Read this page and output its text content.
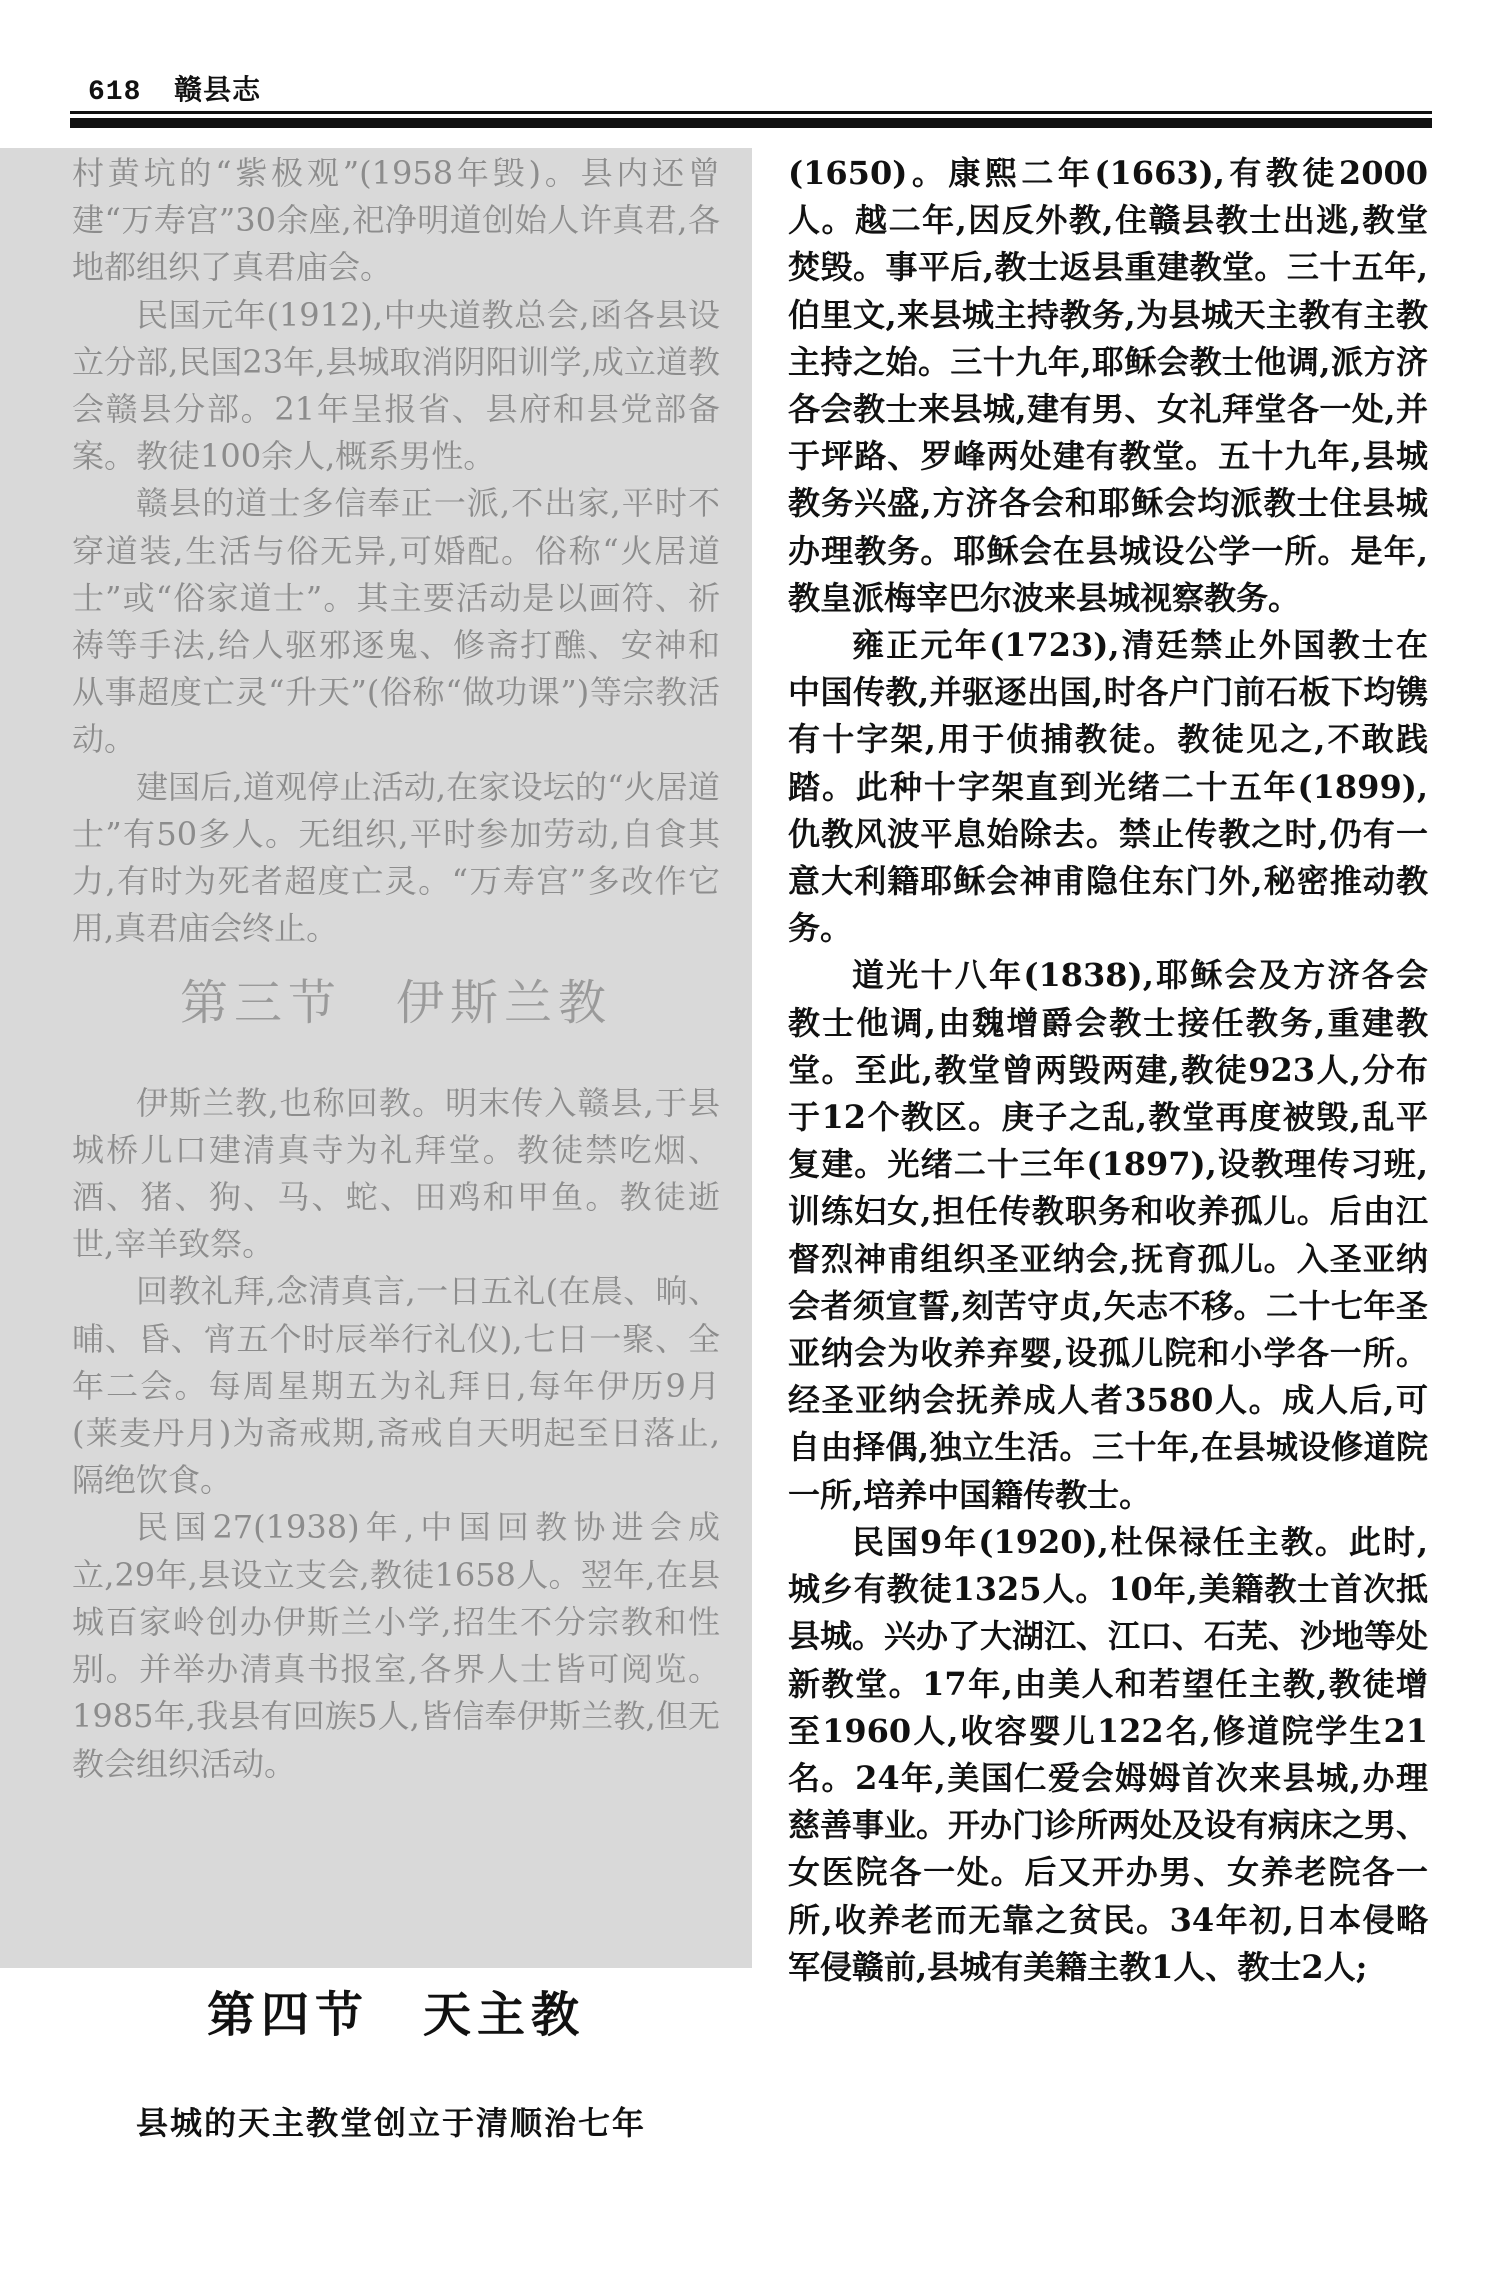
618 赣县志

村黄坑的“紫极观”(1958年毁)。县内还曾建“万寿宫”30余座,祀净明道创始人许真君,各地都组织了真君庙会。

民国元年(1912),中央道教总会,函各县设立分部,民国23年,县城取消阴阳训学,成立道教会赣县分部。21年呈报省、县府和县党部备案。教徒100余人,概系男性。

赣县的道士多信奉正一派,不出家,平时不穿道装,生活与俗无异,可婚配。俗称“火居道士”或“俗家道士”。其主要活动是以画符、祈祷等手法,给人驱邪逐鬼、修斋打醮、安神和从事超度亡灵“升天”(俗称“做功课”)等宗教活动。

建国后,道观停止活动,在家设坛的“火居道士”有50多人。无组织,平时参加劳动,自食其力,有时为死者超度亡灵。“万寿宫”多改作它用,真君庙会终止。

第三节　伊斯兰教

伊斯兰教,也称回教。明末传入赣县,于县城桥儿口建清真寺为礼拜堂。教徒禁吃烟、酒、猪、狗、马、蛇、田鸡和甲鱼。教徒逝世,宰羊致祭。

回教礼拜,念清真言,一日五礼(在晨、晌、晡、昏、宵五个时辰举行礼仪),七日一聚、全年二会。每周星期五为礼拜日,每年伊历9月(莱麦丹月)为斋戒期,斋戒自天明起至日落止,隔绝饮食。

民国27(1938)年,中国回教协进会成立,29年,县设立支会,教徒1658人。翌年,在县城百家岭创办伊斯兰小学,招生不分宗教和性别。并举办清真书报室,各界人士皆可阅览。1985年,我县有回族5人,皆信奉伊斯兰教,但无教会组织活动。

第四节　天主教
县城的天主教堂创立于清顺治七年

(1650)。康熙二年(1663),有教徒2000人。越二年,因反外教,住赣县教士出逃,教堂焚毁。事平后,教士返县重建教堂。三十五年,伯里文,来县城主持教务,为县城天主教有主教主持之始。三十九年,耶稣会教士他调,派方济各会教士来县城,建有男、女礼拜堂各一处,并于坪路、罗峰两处建有教堂。五十九年,县城教务兴盛,方济各会和耶稣会均派教士住县城办理教务。耶稣会在县城设公学一所。是年,教皇派梅宰巴尔波来县城视察教务。

雍正元年(1723),清廷禁止外国教士在中国传教,并驱逐出国,时各户门前石板下均镌有十字架,用于侦捕教徒。教徒见之,不敢践踏。此种十字架直到光绪二十五年(1899),仇教风波平息始除去。禁止传教之时,仍有一意大利籍耶稣会神甫隐住东门外,秘密推动教务。

道光十八年(1838),耶稣会及方济各会教士他调,由魏增爵会教士接任教务,重建教堂。至此,教堂曾两毁两建,教徒923人,分布于12个教区。庚子之乱,教堂再度被毁,乱平复建。光绪二十三年(1897),设教理传习班,训练妇女,担任传教职务和收养孤儿。后由江督烈神甫组织圣亚纳会,抚育孤儿。入圣亚纳会者须宣誓,刻苦守贞,矢志不移。二十七年圣亚纳会为收养弃婴,设孤儿院和小学各一所。经圣亚纳会抚养成人者3580人。成人后,可自由择偶,独立生活。三十年,在县城设修道院一所,培养中国籍传教士。

民国9年(1920),杜保禄任主教。此时,城乡有教徒1325人。10年,美籍教士首次抵县城。兴办了大湖江、江口、石芜、沙地等处新教堂。17年,由美人和若望任主教,教徒增至1960人,收容婴儿122名,修道院学生21名。24年,美国仁爱会姆姆首次来县城,办理慈善事业。开办门诊所两处及设有病床之男、女医院各一处。后又开办男、女养老院各一所,收养老而无靠之贫民。34年初,日本侵略军侵赣前,县城有美籍主教1人、教士2人;
